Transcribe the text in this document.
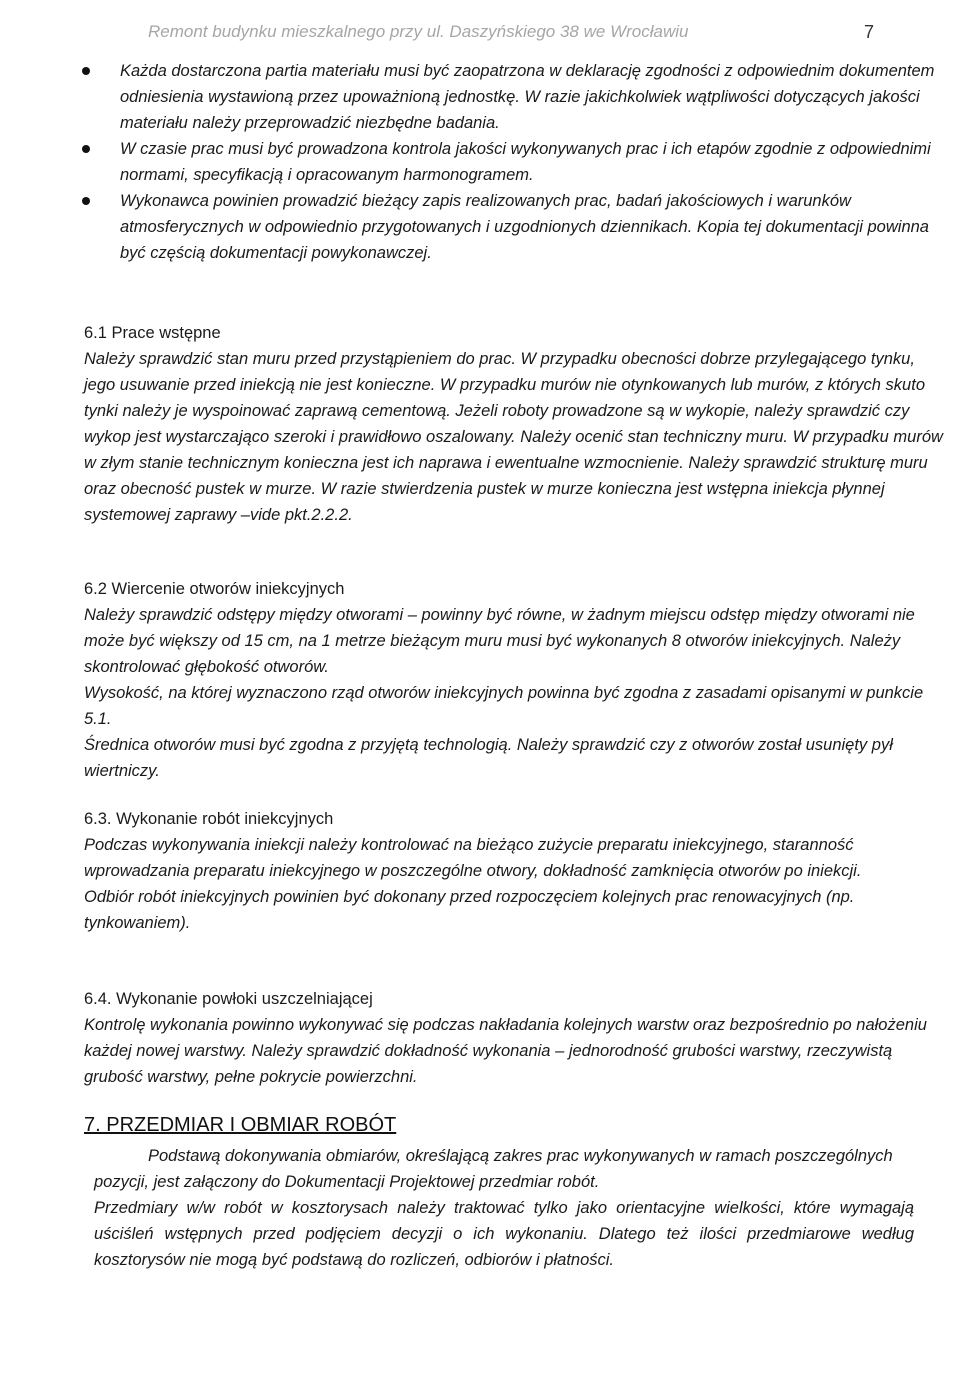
Remont budynku mieszkalnego przy ul. Daszyńskiego 38 we Wrocławiu	7
Każda dostarczona partia materiału musi być zaopatrzona w deklarację zgodności z odpowiednim dokumentem odniesienia wystawioną przez upoważnioną jednostkę. W razie jakichkolwiek wątpliwości dotyczących jakości materiału należy przeprowadzić niezbędne badania.
W czasie prac musi być prowadzona kontrola jakości wykonywanych prac i ich etapów zgodnie z odpowiednimi normami, specyfikacją i opracowanym harmonogramem.
Wykonawca powinien prowadzić bieżący zapis realizowanych prac, badań jakościowych i warunków atmosferycznych w odpowiednio przygotowanych i uzgodnionych dziennikach. Kopia tej dokumentacji powinna być częścią dokumentacji powykonawczej.
6.1 Prace wstępne

Należy sprawdzić stan muru przed przystąpieniem do prac. W przypadku obecności dobrze przylegającego tynku, jego usuwanie przed iniekcją nie jest konieczne. W przypadku murów nie otynkowanych lub murów, z których skuto tynki należy je wyspoinować zaprawą cementową. Jeżeli roboty prowadzone są w wykopie, należy sprawdzić czy wykop jest wystarczająco szeroki i prawidłowo oszalowany. Należy ocenić stan techniczny muru. W przypadku murów w złym stanie technicznym konieczna jest ich naprawa i ewentualne wzmocnienie. Należy sprawdzić strukturę muru oraz obecność pustek w murze. W razie stwierdzenia pustek w murze konieczna jest wstępna iniekcja płynnej systemowej zaprawy –vide pkt.2.2.2.

6.2 Wiercenie otworów iniekcyjnych

Należy sprawdzić odstępy między otworami – powinny być równe, w żadnym miejscu odstęp między otworami nie może być większy od 15 cm, na 1 metrze bieżącym muru musi być wykonanych 8 otworów iniekcyjnych. Należy skontrolować głębokość otworów.

Wysokość, na której wyznaczono rząd otworów iniekcyjnych powinna być zgodna z zasadami opisanymi w punkcie 5.1.

Średnica otworów musi być zgodna z przyjętą technologią. Należy sprawdzić czy z otworów został usunięty pył wiertniczy.

6.3. Wykonanie robót iniekcyjnych

Podczas wykonywania iniekcji należy kontrolować na bieżąco zużycie preparatu iniekcyjnego, staranność wprowadzania preparatu iniekcyjnego w poszczególne otwory, dokładność zamknięcia otworów po iniekcji.

Odbiór robót iniekcyjnych powinien być dokonany przed rozpoczęciem kolejnych prac renowacyjnych (np. tynkowaniem).

6.4. Wykonanie powłoki uszczelniającej

Kontrolę wykonania powinno wykonywać się podczas nakładania kolejnych warstw oraz bezpośrednio po nałożeniu każdej nowej warstwy. Należy sprawdzić dokładność wykonania – jednorodność grubości warstwy, rzeczywistą grubość warstwy, pełne pokrycie powierzchni.

7. PRZEDMIAR I OBMIAR ROBÓT

Podstawą dokonywania obmiarów, określającą zakres prac wykonywanych w ramach poszczególnych pozycji, jest załączony do Dokumentacji Projektowej przedmiar robót.

Przedmiary w/w robót w kosztorysach należy traktować tylko jako orientacyjne wielkości, które wymagają uściśleń wstępnych przed podjęciem decyzji o ich wykonaniu. Dlatego też ilości przedmiarowe według kosztorysów nie mogą być podstawą do rozliczeń, odbiorów i płatności.
